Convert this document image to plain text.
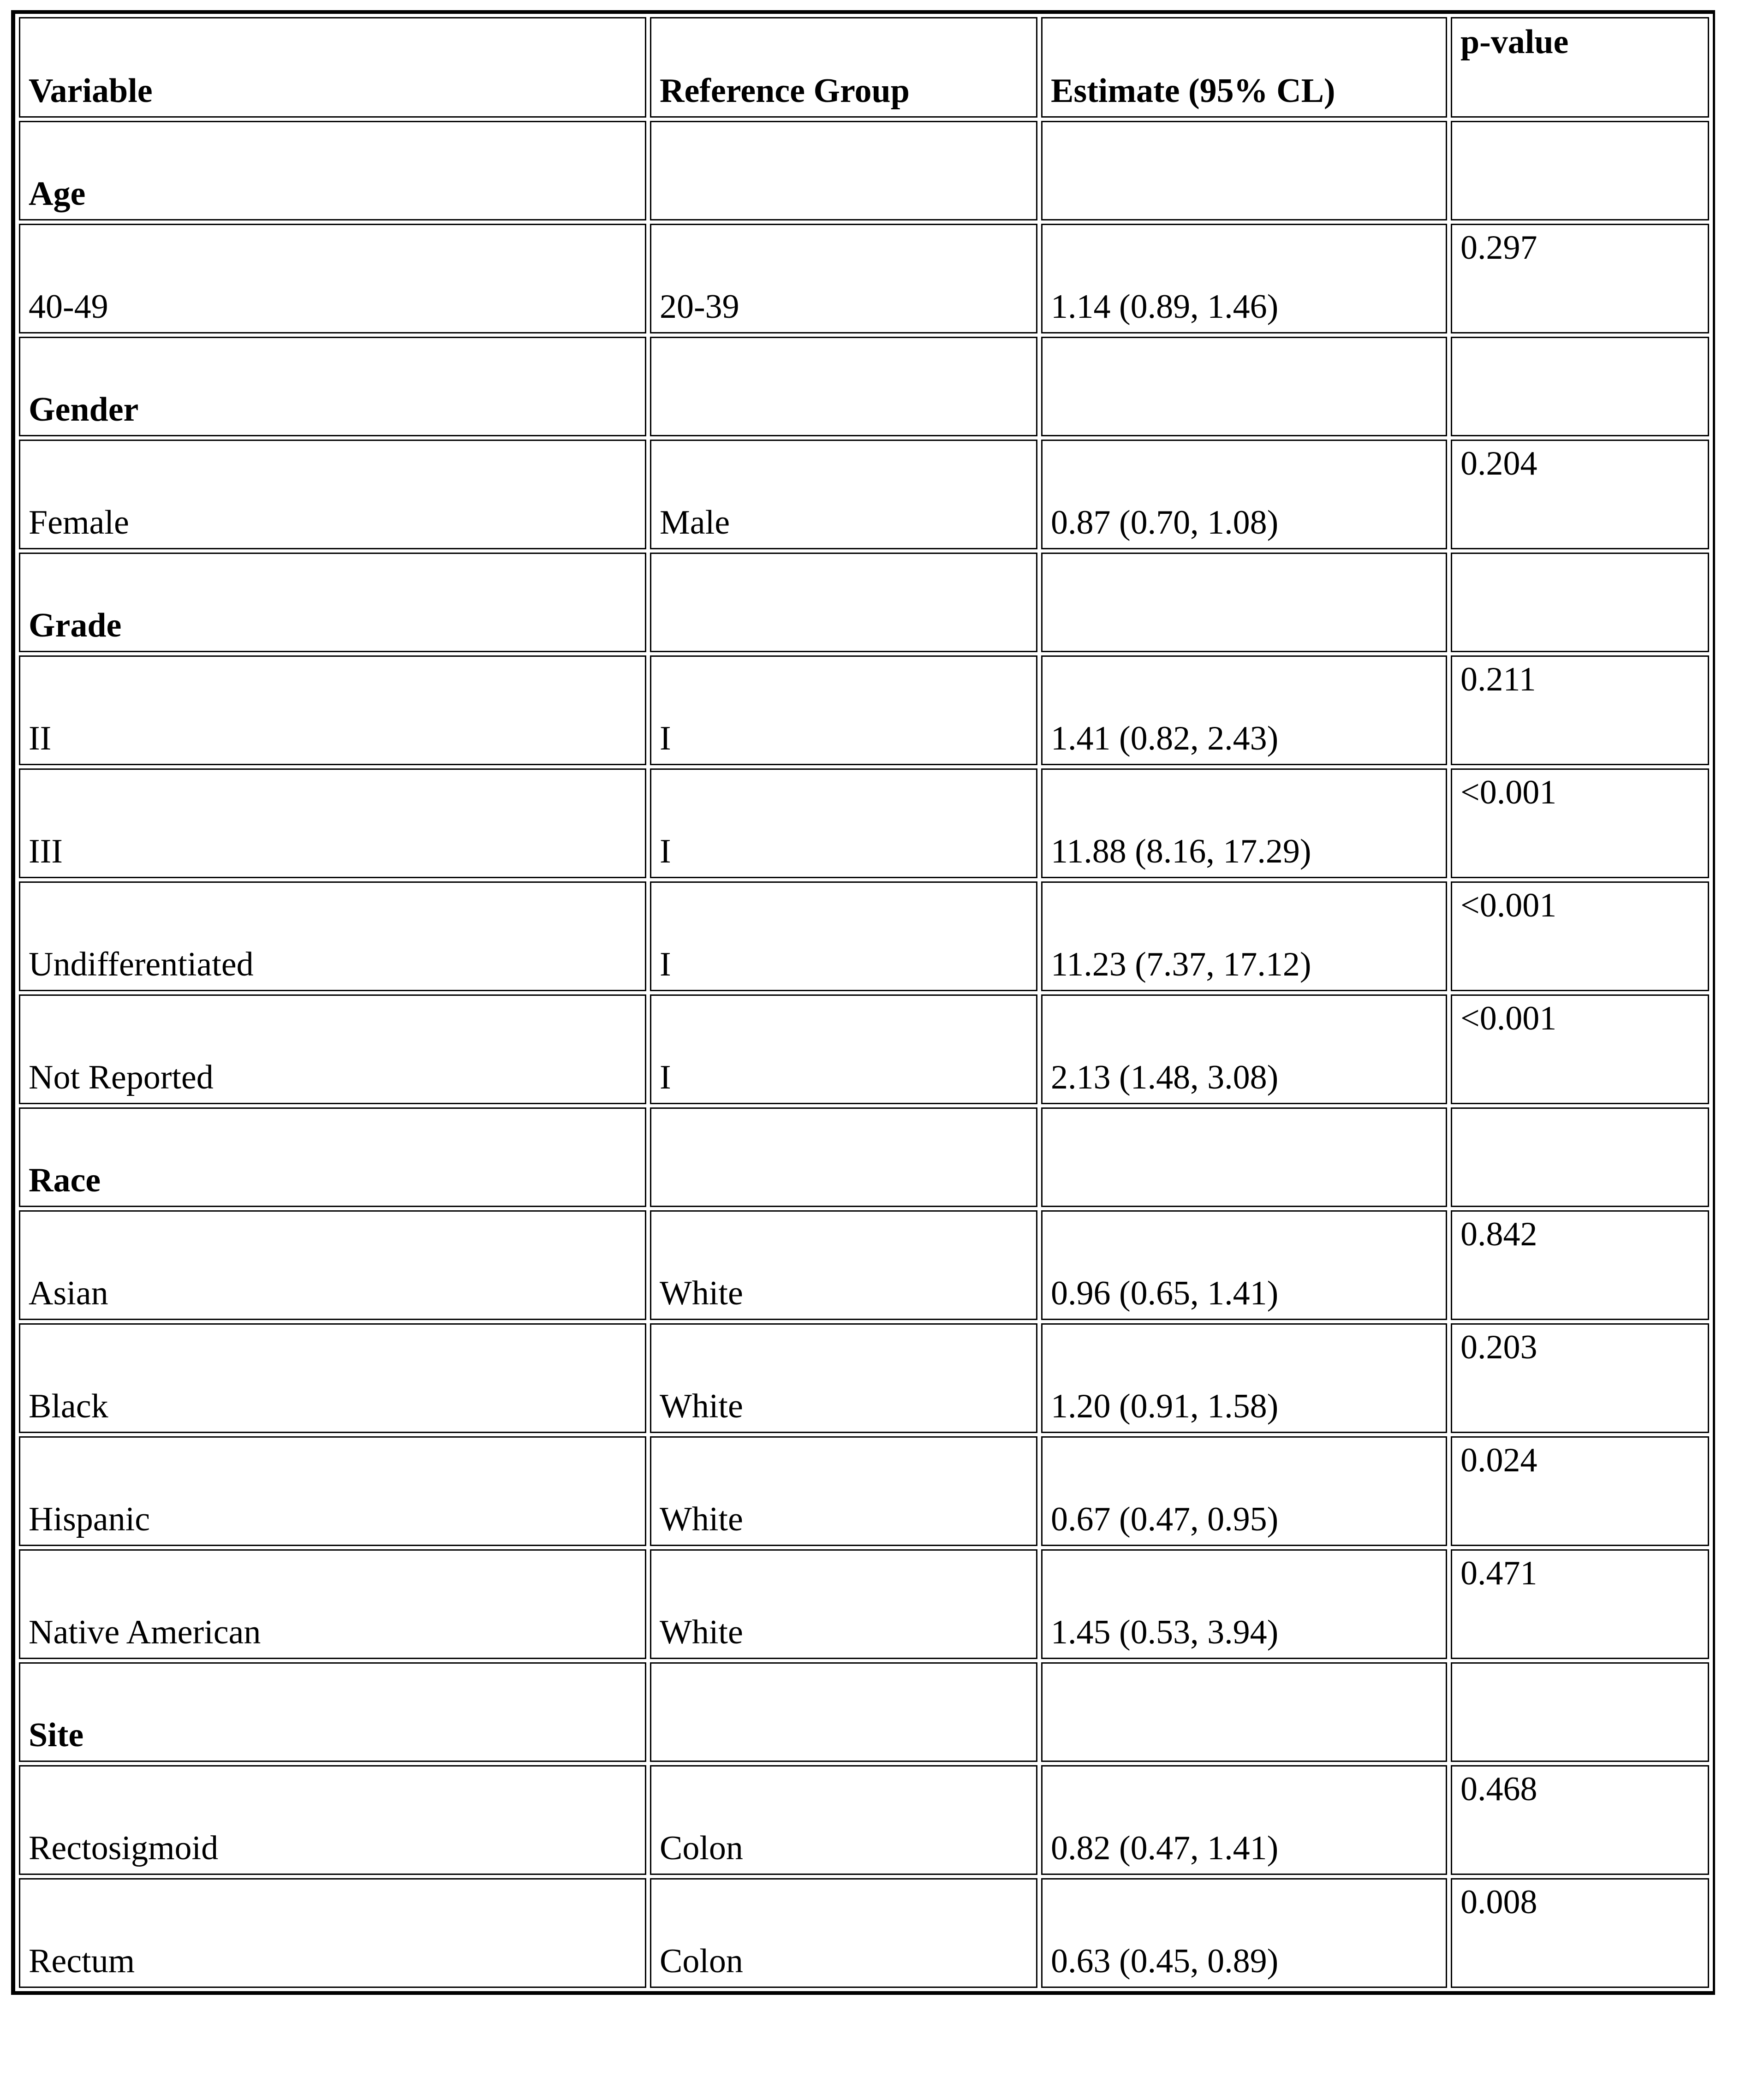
Variable	Reference Group	Estimate (95% CL)	p-value
Age			
40-49	20-39	1.14 (0.89, 1.46)	0.297
Gender			
Female	Male	0.87 (0.70, 1.08)	0.204
Grade			
II	I	1.41 (0.82, 2.43)	0.211
III	I	11.88 (8.16, 17.29)	<0.001
Undifferentiated	I	11.23 (7.37, 17.12)	<0.001
Not Reported	I	2.13 (1.48, 3.08)	<0.001
Race			
Asian	White	0.96 (0.65, 1.41)	0.842
Black	White	1.20 (0.91, 1.58)	0.203
Hispanic	White	0.67 (0.47, 0.95)	0.024
Native American	White	1.45 (0.53, 3.94)	0.471
Site			
Rectosigmoid	Colon	0.82 (0.47, 1.41)	0.468
Rectum	Colon	0.63 (0.45, 0.89)	0.008
